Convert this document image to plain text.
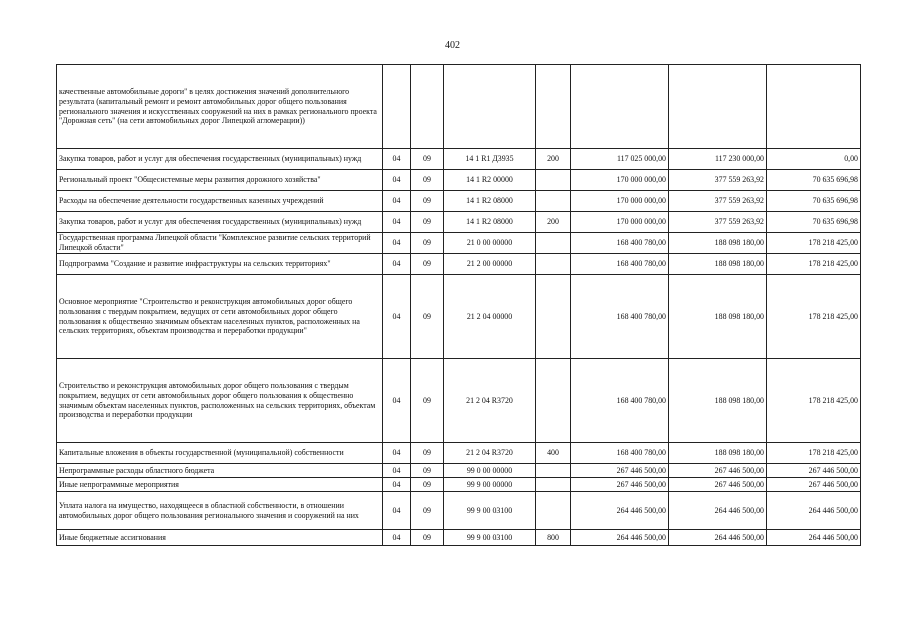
402
качественные автомобильные дороги" в целях достижения значений дополнительного результата (капитальный ремонт и ремонт автомобильных дорог общего пользования регионального значения и искусственных сооружений на них в рамках регионального проекта "Дорожная сеть" (на сети автомобильных дорог Липецкой агломерации))							
Закупка товаров, работ и услуг для обеспечения государственных (муниципальных) нужд	04	09	14 1 R1 Д3935	200	117 025 000,00	117 230 000,00	0,00
Региональный проект "Общесистемные меры развития дорожного хозяйства"	04	09	14 1 R2 00000		170 000 000,00	377 559 263,92	70 635 696,98
Расходы на обеспечение деятельности государственных казенных учреждений	04	09	14 1 R2 08000		170 000 000,00	377 559 263,92	70 635 696,98
Закупка товаров, работ и услуг для обеспечения государственных (муниципальных) нужд	04	09	14 1 R2 08000	200	170 000 000,00	377 559 263,92	70 635 696,98
Государственная программа Липецкой области "Комплексное развитие сельских территорий Липецкой области"	04	09	21 0 00 00000		168 400 780,00	188 098 180,00	178 218 425,00
Подпрограмма "Создание и развитие инфраструктуры на сельских территориях"	04	09	21 2 00 00000		168 400 780,00	188 098 180,00	178 218 425,00
Основное мероприятие "Строительство и реконструкция автомобильных дорог общего пользования с твердым покрытием, ведущих от сети автомобильных дорог общего пользования к общественно значимым объектам населенных пунктов, расположенных на сельских территориях, объектам производства и переработки продукции"	04	09	21 2 04 00000		168 400 780,00	188 098 180,00	178 218 425,00
Строительство и реконструкция автомобильных дорог общего пользования с твердым покрытием, ведущих от сети автомобильных дорог общего пользования к общественно значимым объектам населенных пунктов, расположенных на сельских территориях, объектам производства и переработки продукции	04	09	21 2 04 R3720		168 400 780,00	188 098 180,00	178 218 425,00
Капитальные вложения в объекты государственной (муниципальной) собственности	04	09	21 2 04 R3720	400	168 400 780,00	188 098 180,00	178 218 425,00
Непрограммные расходы областного бюджета	04	09	99 0 00 00000		267 446 500,00	267 446 500,00	267 446 500,00
Иные непрограммные мероприятия	04	09	99 9 00 00000		267 446 500,00	267 446 500,00	267 446 500,00
Уплата налога на имущество, находящееся в областной собственности, в отношении автомобильных дорог общего пользования регионального значения и сооружений на них	04	09	99 9 00 03100		264 446 500,00	264 446 500,00	264 446 500,00
Иные бюджетные ассигнования	04	09	99 9 00 03100	800	264 446 500,00	264 446 500,00	264 446 500,00
